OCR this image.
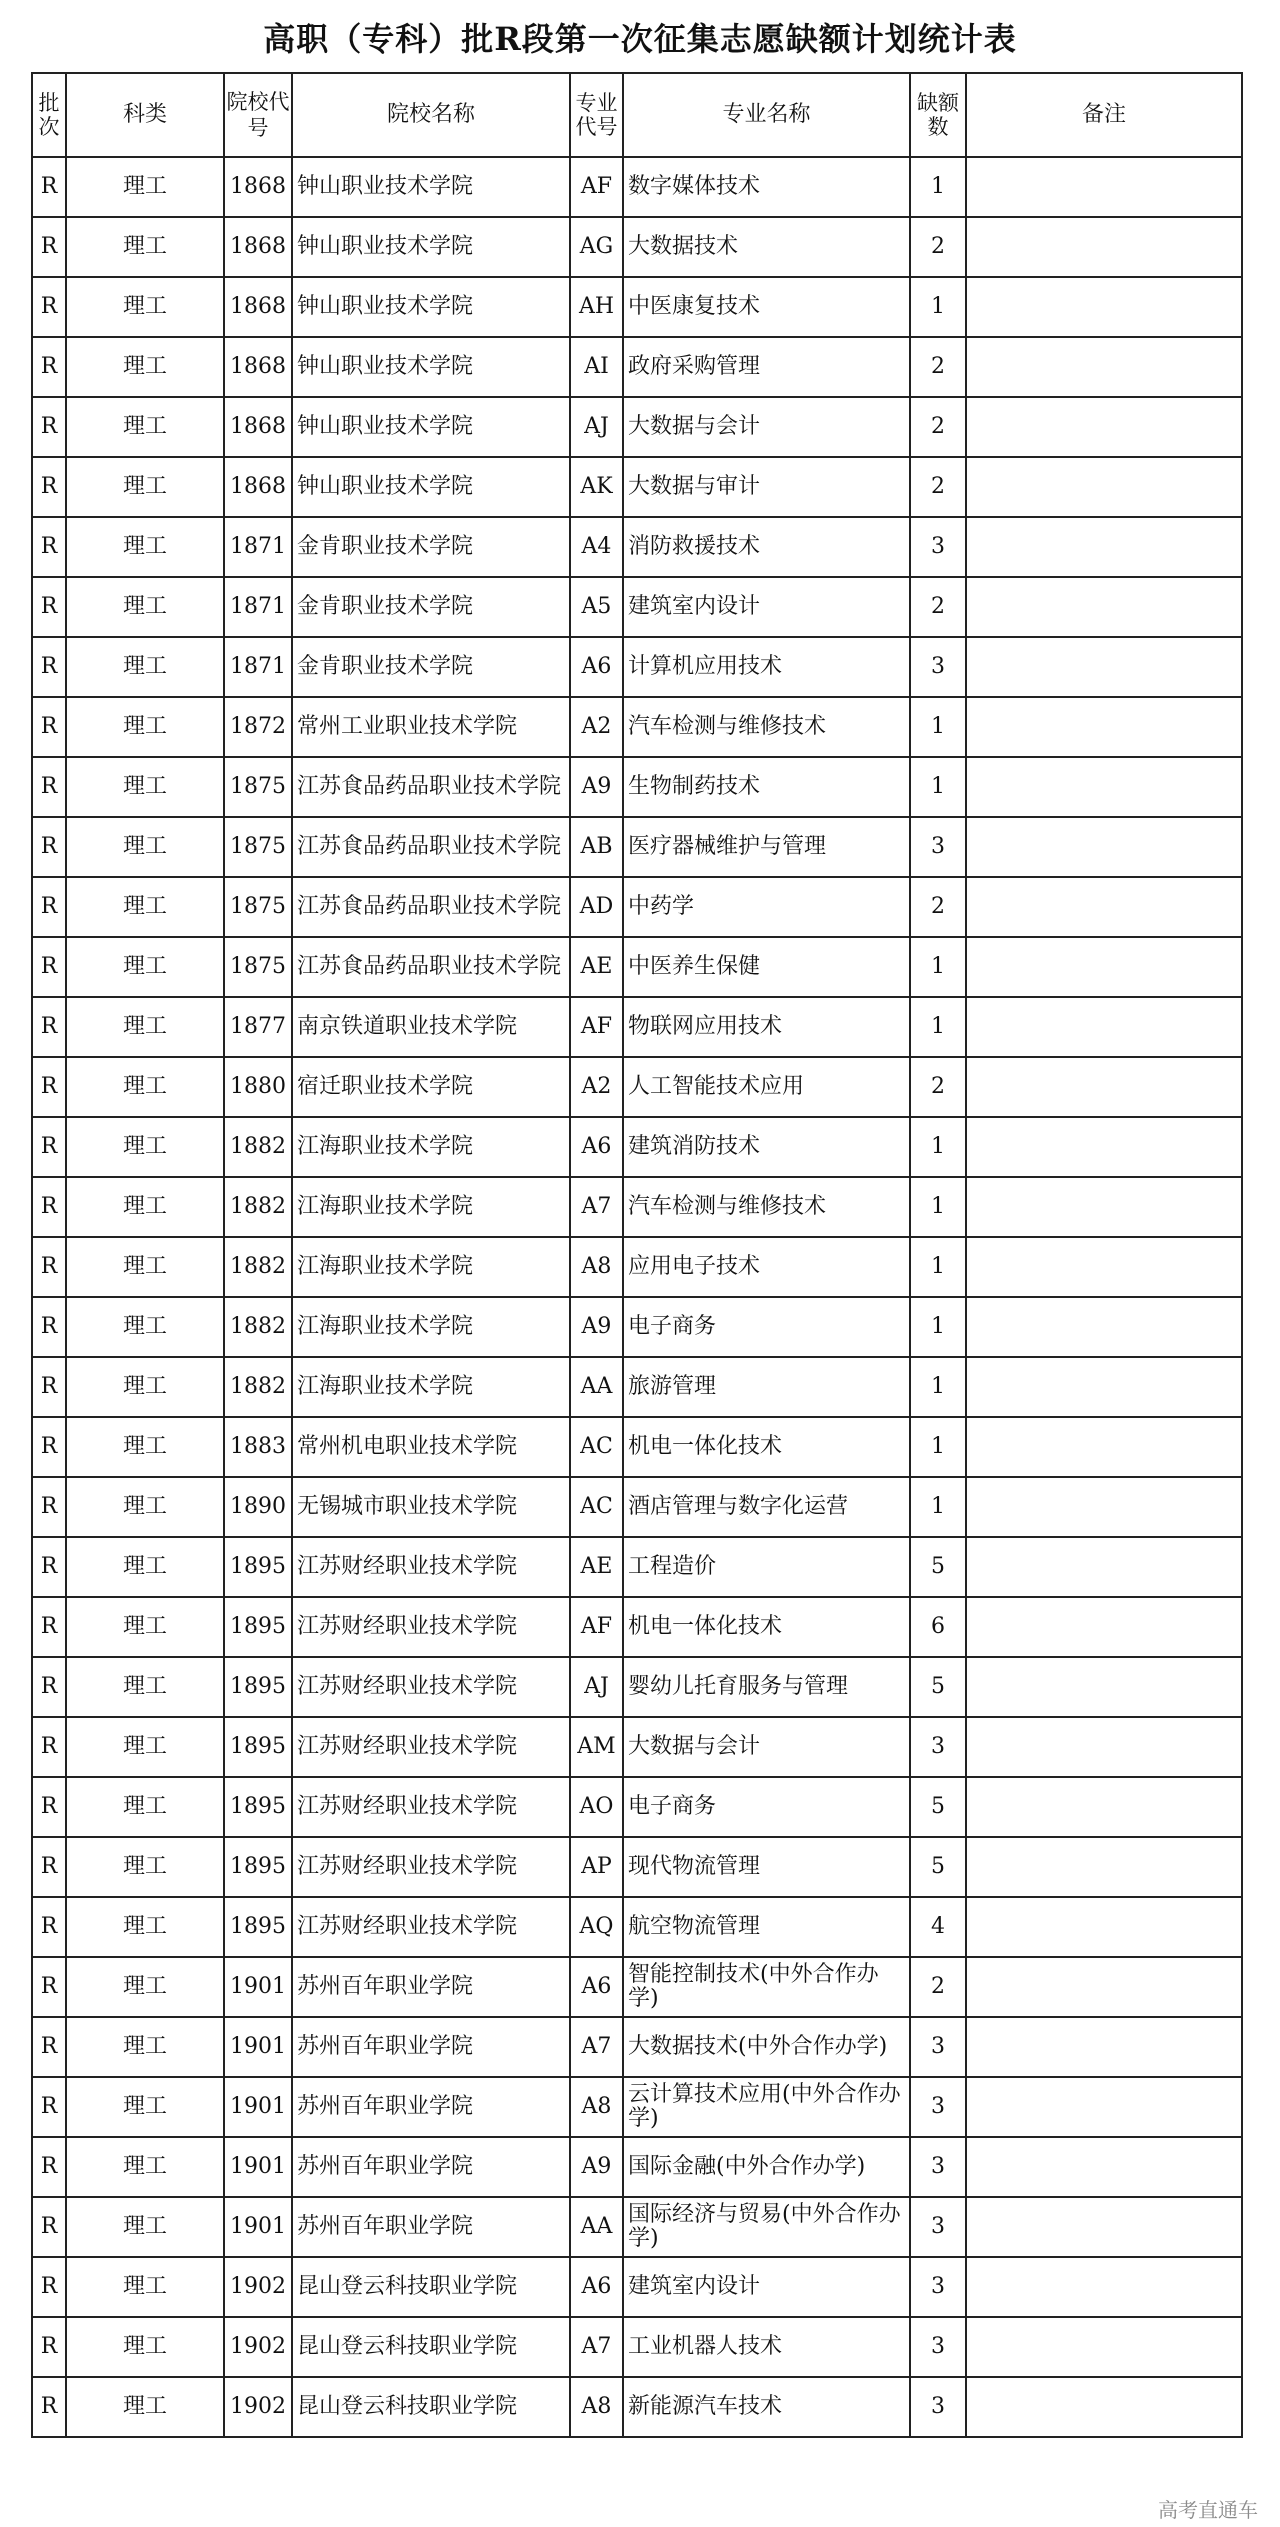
高职（专科）批R段第一次征集志愿缺额计划统计表
批次	科类	院校代号	院校名称	专业代号	专业名称	缺额数	备注
R	理工	1868	钟山职业技术学院	AF	数字媒体技术	1	
R	理工	1868	钟山职业技术学院	AG	大数据技术	2	
R	理工	1868	钟山职业技术学院	AH	中医康复技术	1	
R	理工	1868	钟山职业技术学院	AI	政府采购管理	2	
R	理工	1868	钟山职业技术学院	AJ	大数据与会计	2	
R	理工	1868	钟山职业技术学院	AK	大数据与审计	2	
R	理工	1871	金肯职业技术学院	A4	消防救援技术	3	
R	理工	1871	金肯职业技术学院	A5	建筑室内设计	2	
R	理工	1871	金肯职业技术学院	A6	计算机应用技术	3	
R	理工	1872	常州工业职业技术学院	A2	汽车检测与维修技术	1	
R	理工	1875	江苏食品药品职业技术学院	A9	生物制药技术	1	
R	理工	1875	江苏食品药品职业技术学院	AB	医疗器械维护与管理	3	
R	理工	1875	江苏食品药品职业技术学院	AD	中药学	2	
R	理工	1875	江苏食品药品职业技术学院	AE	中医养生保健	1	
R	理工	1877	南京铁道职业技术学院	AF	物联网应用技术	1	
R	理工	1880	宿迁职业技术学院	A2	人工智能技术应用	2	
R	理工	1882	江海职业技术学院	A6	建筑消防技术	1	
R	理工	1882	江海职业技术学院	A7	汽车检测与维修技术	1	
R	理工	1882	江海职业技术学院	A8	应用电子技术	1	
R	理工	1882	江海职业技术学院	A9	电子商务	1	
R	理工	1882	江海职业技术学院	AA	旅游管理	1	
R	理工	1883	常州机电职业技术学院	AC	机电一体化技术	1	
R	理工	1890	无锡城市职业技术学院	AC	酒店管理与数字化运营	1	
R	理工	1895	江苏财经职业技术学院	AE	工程造价	5	
R	理工	1895	江苏财经职业技术学院	AF	机电一体化技术	6	
R	理工	1895	江苏财经职业技术学院	AJ	婴幼儿托育服务与管理	5	
R	理工	1895	江苏财经职业技术学院	AM	大数据与会计	3	
R	理工	1895	江苏财经职业技术学院	AO	电子商务	5	
R	理工	1895	江苏财经职业技术学院	AP	现代物流管理	5	
R	理工	1895	江苏财经职业技术学院	AQ	航空物流管理	4	
R	理工	1901	苏州百年职业学院	A6	智能控制技术(中外合作办学)	2	
R	理工	1901	苏州百年职业学院	A7	大数据技术(中外合作办学)	3	
R	理工	1901	苏州百年职业学院	A8	云计算技术应用(中外合作办学)	3	
R	理工	1901	苏州百年职业学院	A9	国际金融(中外合作办学)	3	
R	理工	1901	苏州百年职业学院	AA	国际经济与贸易(中外合作办学)	3	
R	理工	1902	昆山登云科技职业学院	A6	建筑室内设计	3	
R	理工	1902	昆山登云科技职业学院	A7	工业机器人技术	3	
R	理工	1902	昆山登云科技职业学院	A8	新能源汽车技术	3	
高考直通车
